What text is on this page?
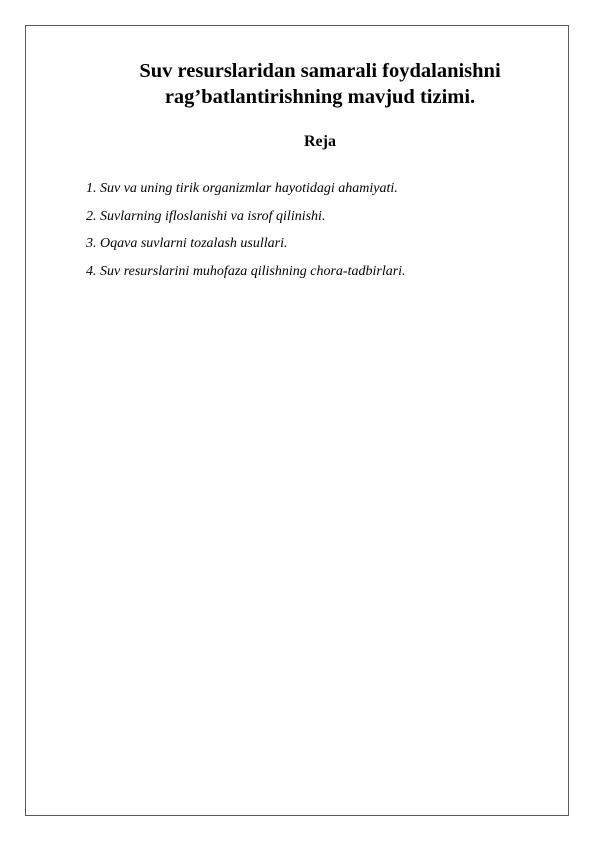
Suv resurslaridan samarali foydalanishni
rag’batlantirishning mavjud tizimi.
Reja
1. Suv va uning tirik organizmlar hayotidagi ahamiyati.
2. Suvlarning ifloslanishi va isrof qilinishi.
3. Oqava suvlarni tozalash usullari.
4. Suv resurslarini muhofaza qilishning chora-tadbirlari.
